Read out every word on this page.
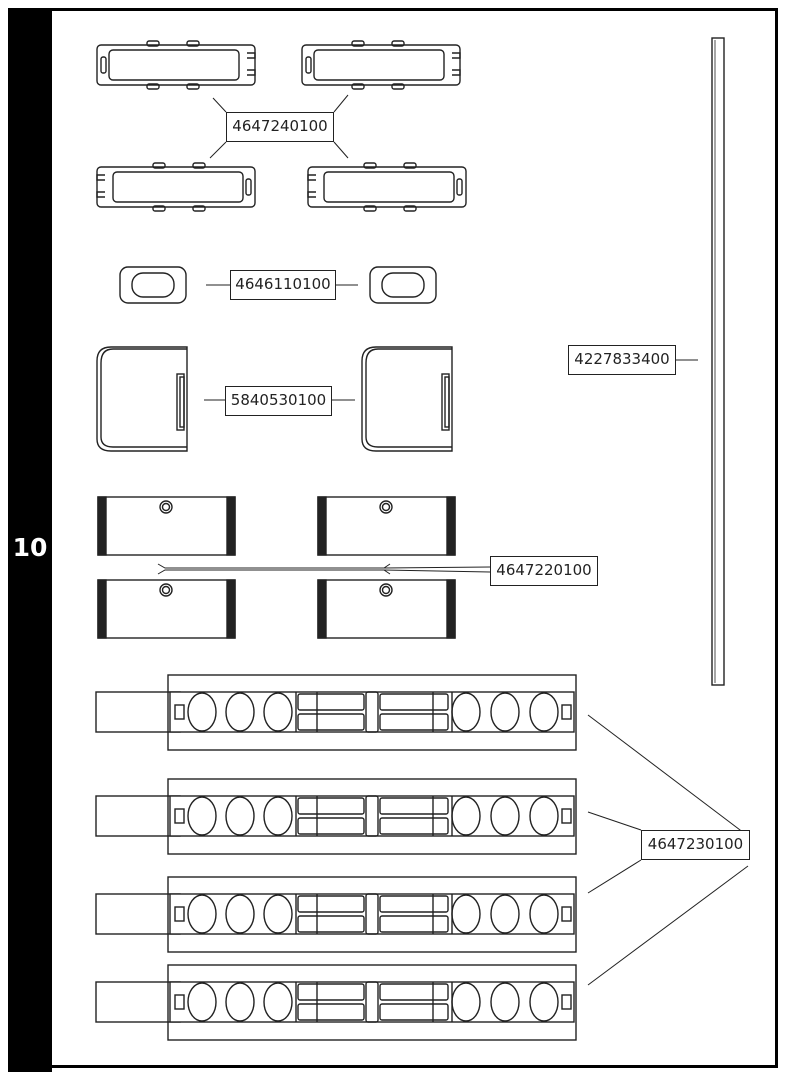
10
4647240100
4646110100
5840530100
4647220100
4227833400
4647230100
